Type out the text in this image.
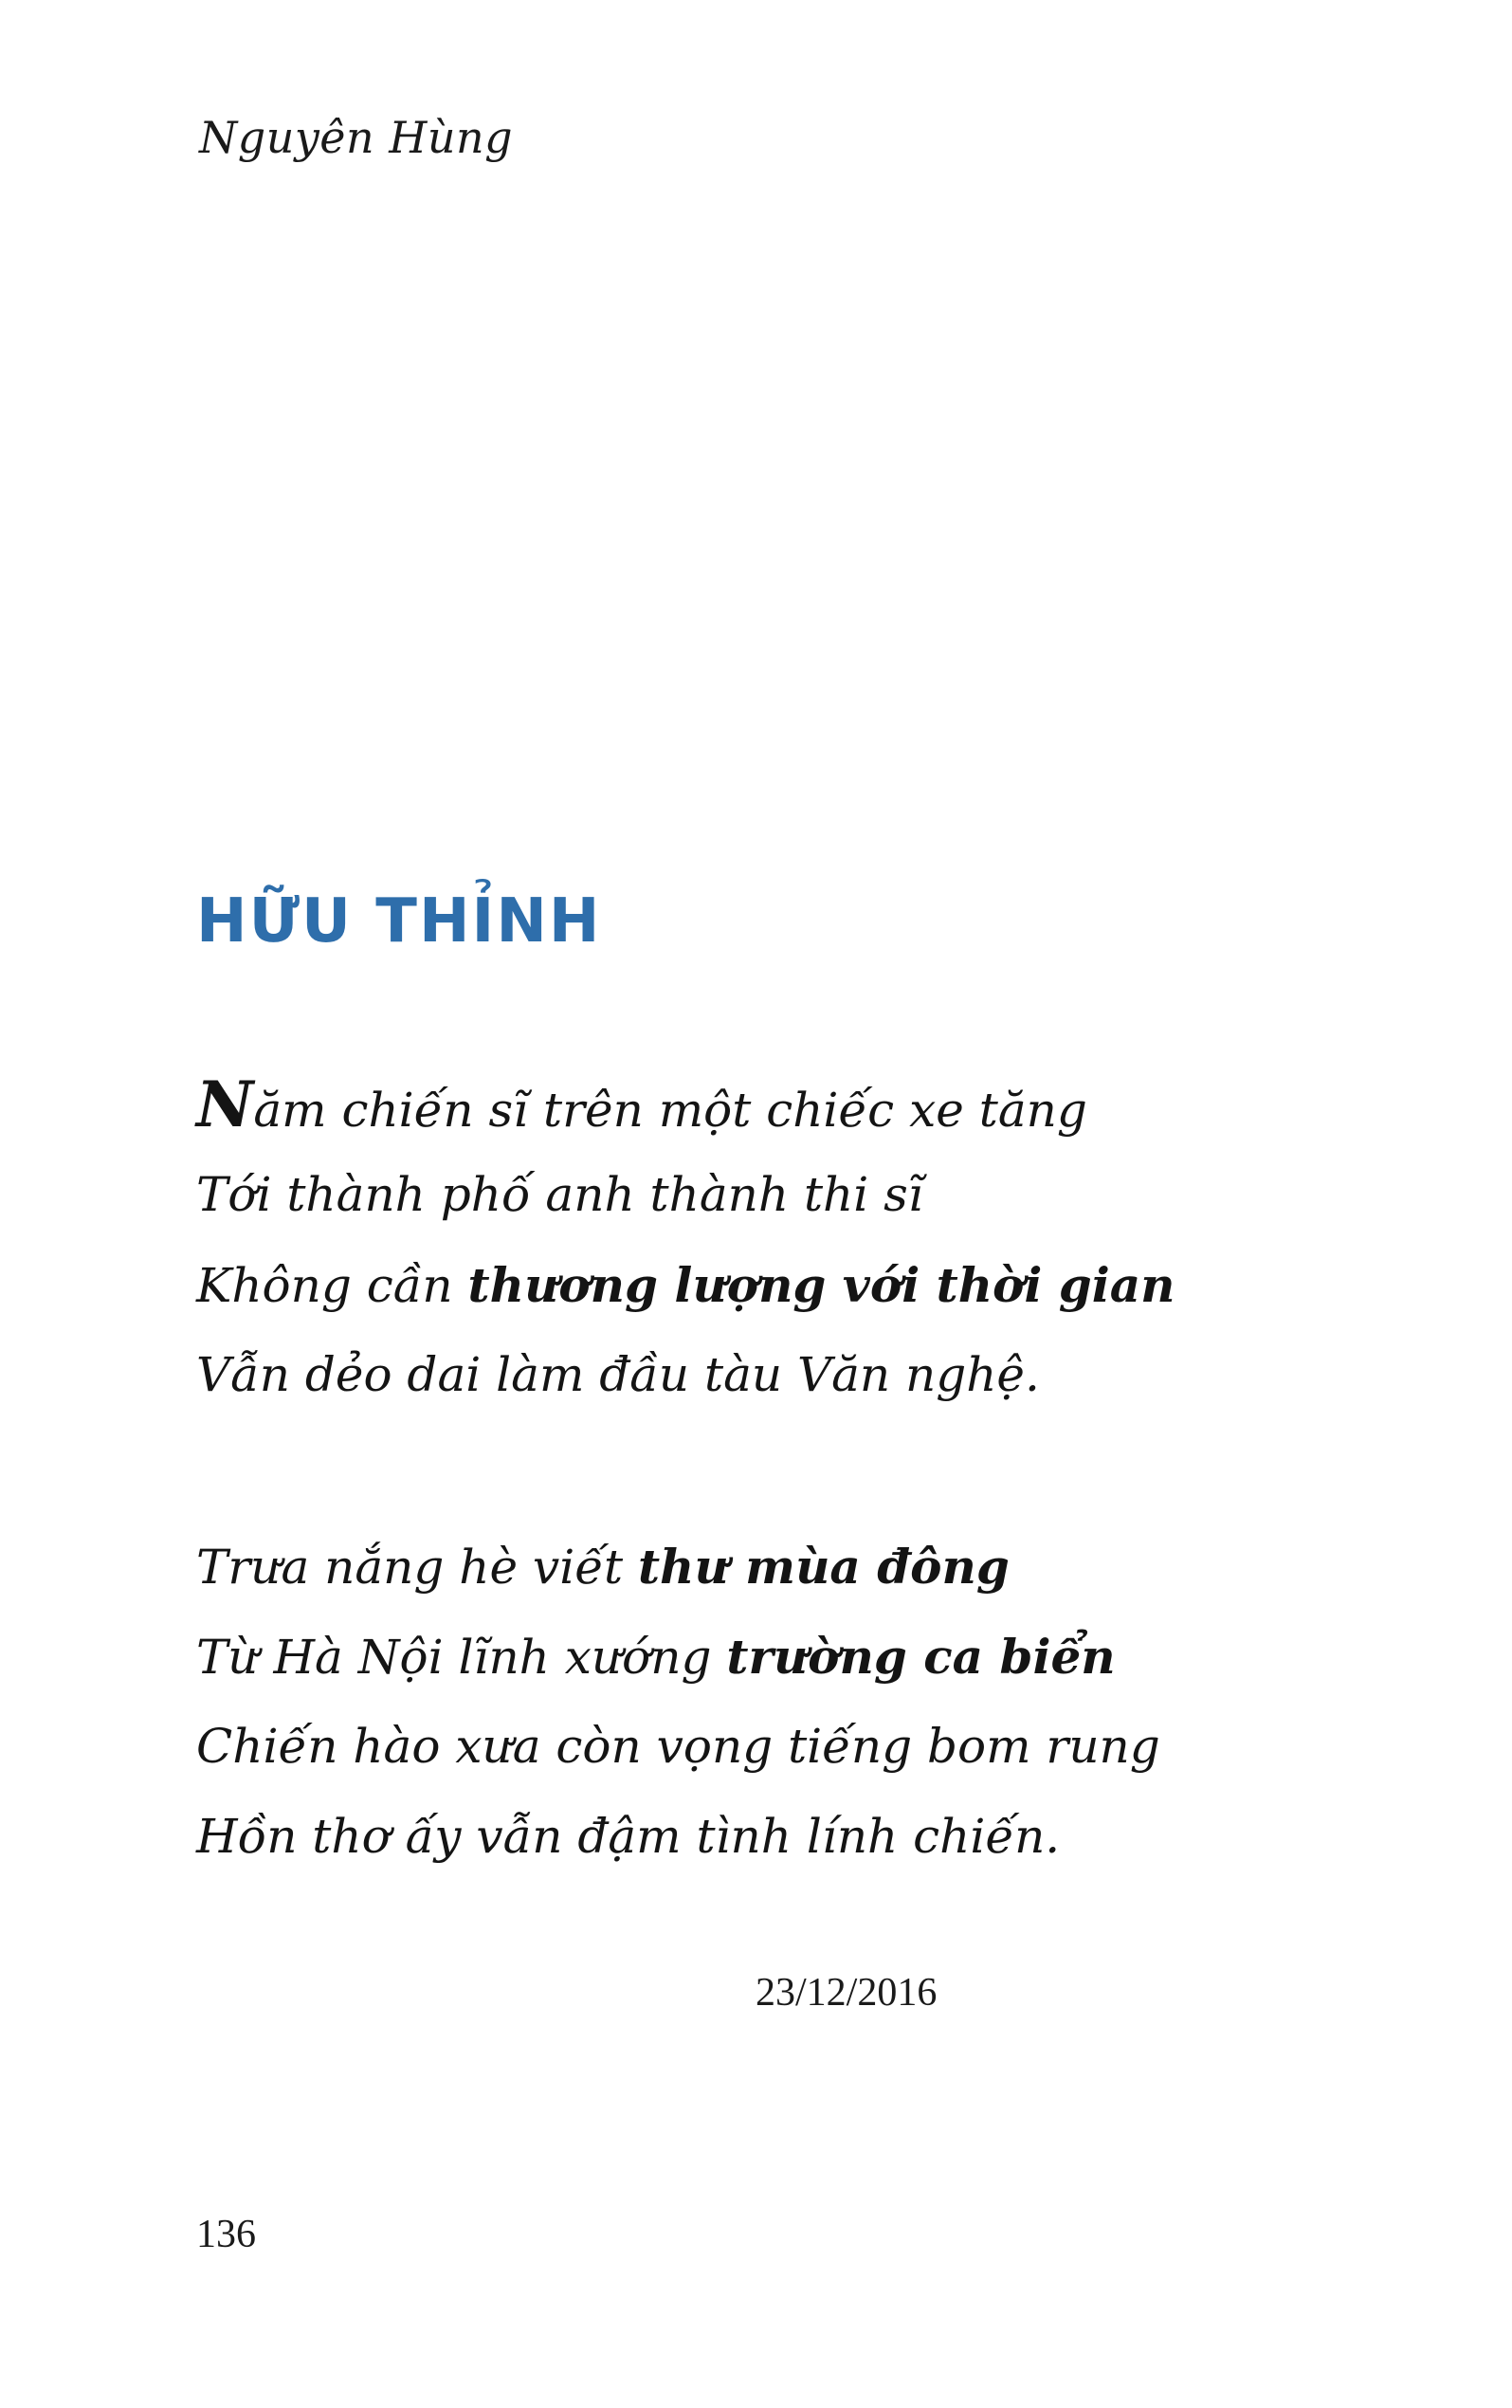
Nguyên Hùng
HỮU THỈNH
Năm chiến sĩ trên một chiếc xe tăng
Tới thành phố anh thành thi sĩ
Không cần thương lượng với thời gian
Vẫn dẻo dai làm đầu tàu Văn nghệ.
Trưa nắng hè viết thư mùa đông
Từ Hà Nội lĩnh xướng trường ca biển
Chiến hào xưa còn vọng tiếng bom rung
Hồn thơ ấy vẫn đậm tình lính chiến.
23/12/2016
136
